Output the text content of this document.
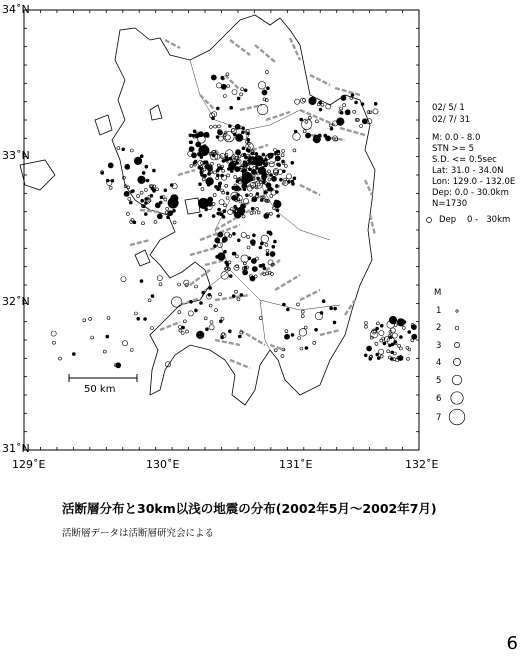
34˚N
33˚N
32˚N
31˚N
129˚E	130˚E	131˚E	132˚E
50 km
02/ 5/ 1
02/ 7/ 31
M: 0.0 - 8.0
STN >= 5
S.D. <= 0.5sec
Lat: 31.0 - 34.0N
Lon: 129.0 - 132.0E
Dep: 0.0 - 30.0km
N=1730
Dep    0 -   30km
M
1
2
3
4
5
6
7
活断層分布と30km以浅の地震の分布(2002年5月～2002年7月)
活断層データは活断層研究会による
6
